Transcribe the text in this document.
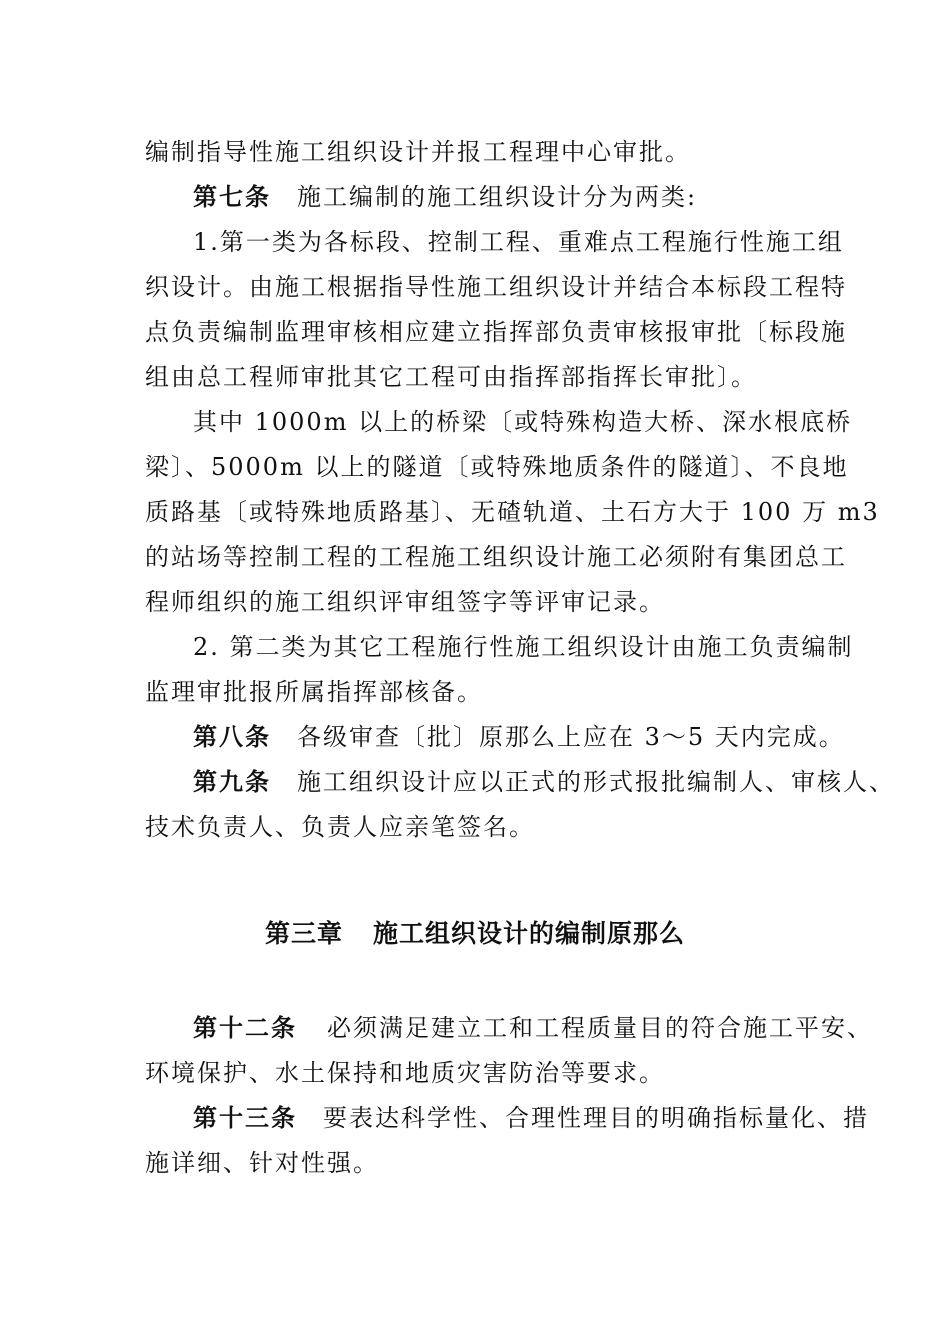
编制指导性施工组织设计并报工程理中心审批。
第七条 施工编制的施工组织设计分为两类:
1.第一类为各标段、控制工程、重难点工程施行性施工组
织设计。由施工根据指导性施工组织设计并结合本标段工程特
点负责编制监理审核相应建立指挥部负责审核报审批〔标段施
组由总工程师审批其它工程可由指挥部指挥长审批〕。
其中 1000m 以上的桥梁〔或特殊构造大桥、深水根底桥
梁〕、5000m 以上的隧道〔或特殊地质条件的隧道〕、不良地
质路基〔或特殊地质路基〕、无碴轨道、土石方大于 100 万 m3
的站场等控制工程的工程施工组织设计施工必须附有集团总工
程师组织的施工组织评审组签字等评审记录。
2. 第二类为其它工程施行性施工组织设计由施工负责编制
监理审批报所属指挥部核备。
第八条 各级审查〔批〕原那么上应在 3～5 天内完成。
第九条 施工组织设计应以正式的形式报批编制人、审核人、
技术负责人、负责人应亲笔签名。
第三章 施工组织设计的编制原那么
第十二条 必须满足建立工和工程质量目的符合施工平安、
环境保护、水土保持和地质灾害防治等要求。
第十三条 要表达科学性、合理性理目的明确指标量化、措
施详细、针对性强。
